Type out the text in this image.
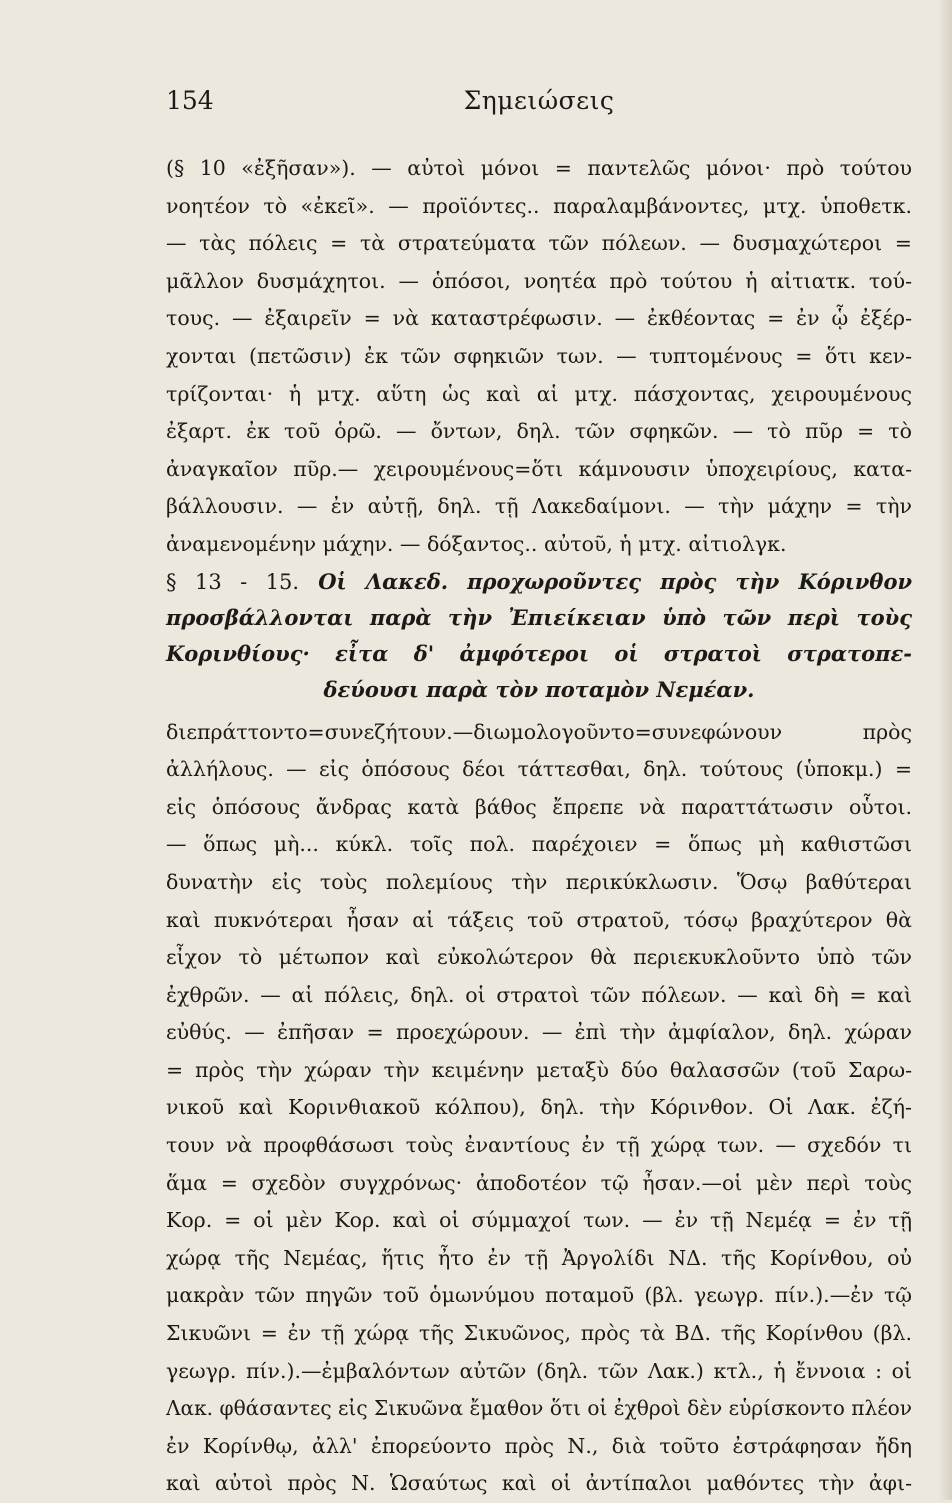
154	Σημειώσεις
(§ 10 «ἐξῆσαν»). — αὐτοὶ μόνοι = παντελῶς μόνοι· πρὸ τούτου
νοητέον τὸ «ἐκεῖ». — προϊόντες.. παραλαμβάνοντες, μτχ. ὑποθετκ.
— τὰς πόλεις = τὰ στρατεύματα τῶν πόλεων. — δυσμαχώτεροι =
μᾶλλον δυσμάχητοι. — ὁπόσοι, νοητέα πρὸ τούτου ἡ αἰτιατκ. τού-
τους. — ἐξαιρεῖν = νὰ καταστρέφωσιν. — ἐκθέοντας = ἐν ᾧ ἐξέρ-
χονται (πετῶσιν) ἐκ τῶν σφηκιῶν των. — τυπτομένους = ὅτι κεν-
τρίζονται· ἡ μτχ. αὕτη ὡς καὶ αἱ μτχ. πάσχοντας, χειρουμένους
ἐξαρτ. ἐκ τοῦ ὁρῶ. — ὄντων, δηλ. τῶν σφηκῶν. — τὸ πῦρ = τὸ
ἀναγκαῖον πῦρ.— χειρουμένους=ὅτι κάμνουσιν ὑποχειρίους, κατα-
βάλλουσιν. — ἐν αὐτῇ, δηλ. τῇ Λακεδαίμονι. — τὴν μάχην = τὴν
ἀναμενομένην μάχην. — δόξαντος.. αὐτοῦ, ἡ μτχ. αἰτιολγκ.
§ 13 - 15. Οἱ Λακεδ. προχωροῦντες πρὸς τὴν Κόρινθον
προσβάλλονται παρὰ τὴν Ἐπιείκειαν ὑπὸ τῶν περὶ τοὺς
Κορινθίους· εἶτα δ' ἀμφότεροι οἱ στρατοὶ στρατοπε-
δεύουσι παρὰ τὸν ποταμὸν Νεμέαν.
διεπράττοντο=συνεζήτουν.—διωμολογοῦντο=συνεφώνουν πρὸς
ἀλλήλους. — εἰς ὁπόσους δέοι τάττεσθαι, δηλ. τούτους (ὑποκμ.) =
εἰς ὁπόσους ἄνδρας κατὰ βάθος ἔπρεπε νὰ παραττάτωσιν οὗτοι.
— ὅπως μὴ... κύκλ. τοῖς πολ. παρέχοιεν = ὅπως μὴ καθιστῶσι
δυνατὴν εἰς τοὺς πολεμίους τὴν περικύκλωσιν. Ὅσῳ βαθύτεραι
καὶ πυκνότεραι ἦσαν αἱ τάξεις τοῦ στρατοῦ, τόσῳ βραχύτερον θὰ
εἶχον τὸ μέτωπον καὶ εὐκολώτερον θὰ περιεκυκλοῦντο ὑπὸ τῶν
ἐχθρῶν. — αἱ πόλεις, δηλ. οἱ στρατοὶ τῶν πόλεων. — καὶ δὴ = καὶ
εὐθύς. — ἐπῆσαν = προεχώρουν. — ἐπὶ τὴν ἀμφίαλον, δηλ. χώραν
= πρὸς τὴν χώραν τὴν κειμένην μεταξὺ δύο θαλασσῶν (τοῦ Σαρω-
νικοῦ καὶ Κορινθιακοῦ κόλπου), δηλ. τὴν Κόρινθον. Οἱ Λακ. ἐζή-
τουν νὰ προφθάσωσι τοὺς ἐναντίους ἐν τῇ χώρᾳ των. — σχεδόν τι
ἅμα = σχεδὸν συγχρόνως· ἀποδοτέον τῷ ἦσαν.—οἱ μὲν περὶ τοὺς
Κορ. = οἱ μὲν Κορ. καὶ οἱ σύμμαχοί των. — ἐν τῇ Νεμέᾳ = ἐν τῇ
χώρᾳ τῆς Νεμέας, ἥτις ἦτο ἐν τῇ Ἀργολίδι ΝΔ. τῆς Κορίνθου, οὐ
μακρὰν τῶν πηγῶν τοῦ ὁμωνύμου ποταμοῦ (βλ. γεωγρ. πίν.).—ἐν τῷ
Σικυῶνι = ἐν τῇ χώρᾳ τῆς Σικυῶνος, πρὸς τὰ ΒΔ. τῆς Κορίνθου (βλ.
γεωγρ. πίν.).—ἐμβαλόντων αὐτῶν (δηλ. τῶν Λακ.) κτλ., ἡ ἔννοια : οἱ
Λακ. φθάσαντες εἰς Σικυῶνα ἔμαθον ὅτι οἱ ἐχθροὶ δὲν εὑρίσκοντο πλέον
ἐν Κορίνθῳ, ἀλλ' ἐπορεύοντο πρὸς Ν., διὰ τοῦτο ἐστράφησαν ἤδη
καὶ αὐτοὶ πρὸς Ν. Ὡσαύτως καὶ οἱ ἀντίπαλοι μαθόντες τὴν ἀφι-
